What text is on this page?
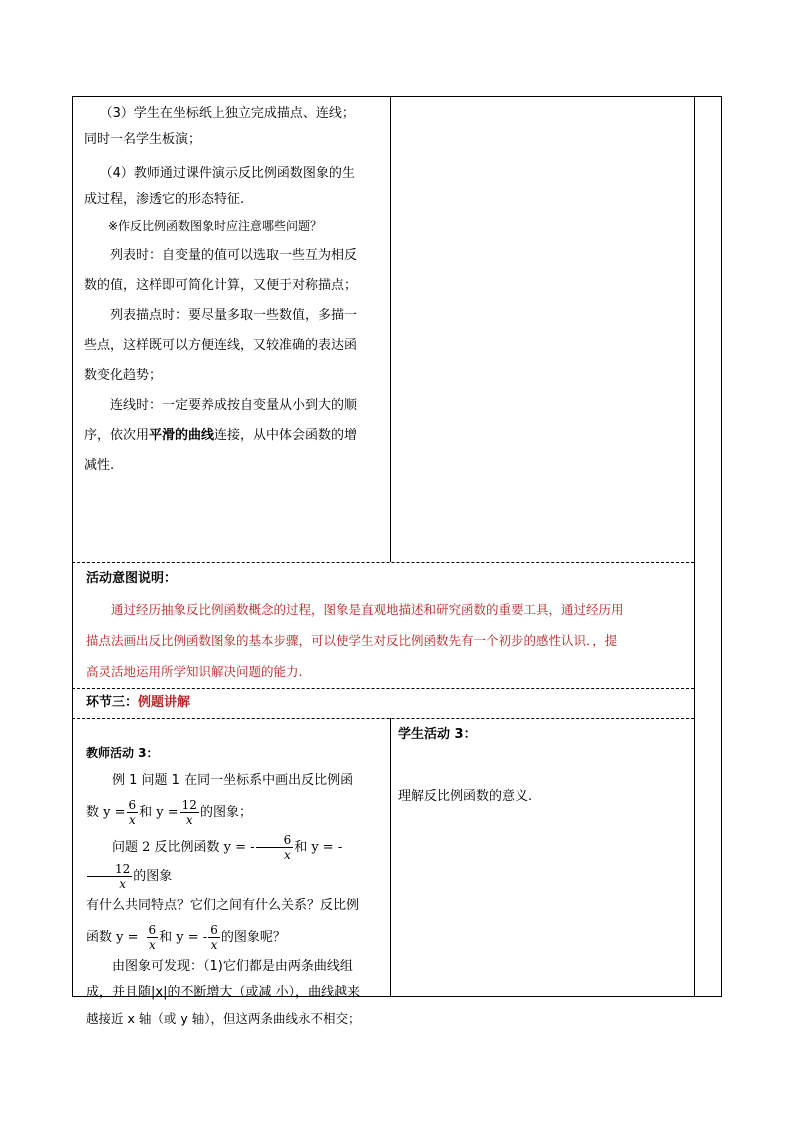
（3）学生在坐标纸上独立完成描点、连线；

同时一名学生板演；

（4）教师通过课件演示反比例函数图象的生

成过程，渗透它的形态特征.

※作反比例函数图象时应注意哪些问题？

列表时：自变量的值可以选取一些互为相反

数的值，这样即可简化计算，又便于对称描点；

列表描点时：要尽量多取一些数值，多描一

些点，这样既可以方便连线，又较准确的表达函

数变化趋势；

连线时：一定要养成按自变量从小到大的顺

序，依次用平滑的曲线连接，从中体会函数的增

减性.

活动意图说明：

通过经历抽象反比例函数概念的过程，图象是直观地描述和研究函数的重要工具，通过经历用

描点法画出反比例函数图象的基本步骤，可以使学生对反比例函数先有一个初步的感性认识．，提

高灵活地运用所学知识解决问题的能力.

环节三：例题讲解

教师活动 3：

例 1 问题 1 在同一坐标系中画出反比例函

数 $y = \frac{6}{x}$ 和 $y = \frac{12}{x}$ 的图象；

问题 2 反比例函数 y = - $\frac{6}{x}$ 和 y = -
$\frac{12}{x}$ 的图象

有什么共同特点？它们之间有什么关系？反比例

函数 $y = \frac{6}{x}$ 和 y = - $\frac{6}{x}$ 的图象呢？

由图象可发现：（1)它们都是由两条曲线组

成，并且随|x|的不断增大（或减 小），曲线越来

越接近 x 轴（或 y 轴），但这两条曲线永不相交；

学生活动 3：

理解反比例函数的意义.
